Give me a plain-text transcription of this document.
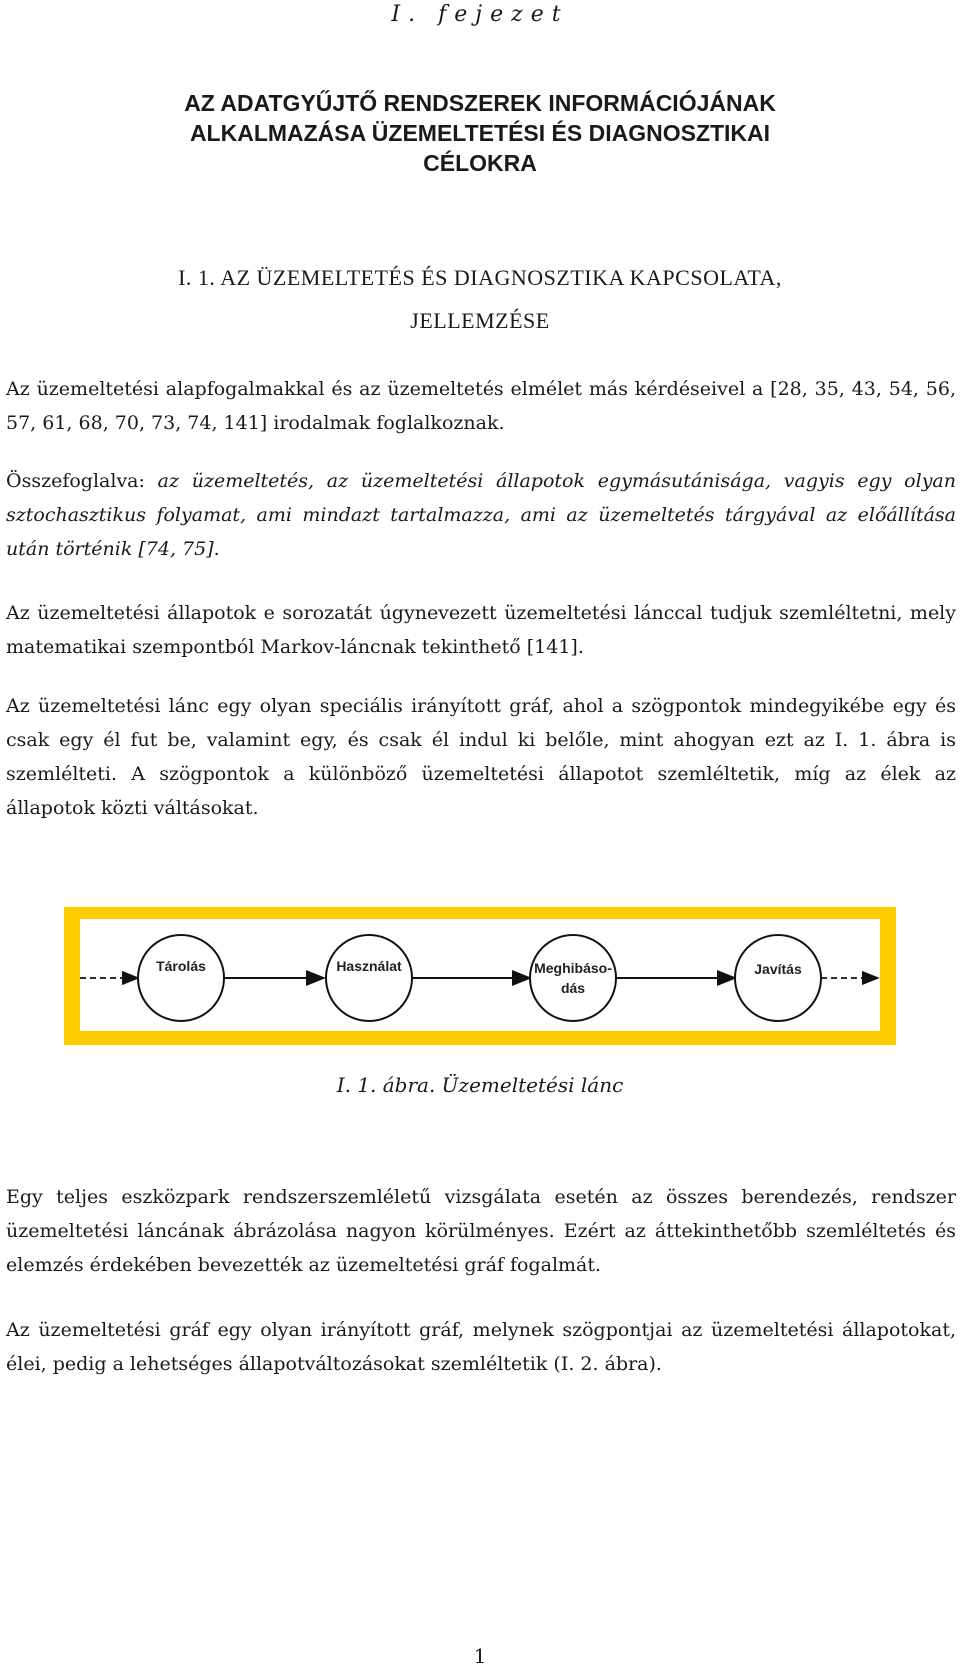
I. fejezet
AZ ADATGYŰJTŐ RENDSZEREK INFORMÁCIÓJÁNAK
ALKALMAZÁSA ÜZEMELTETÉSI ÉS DIAGNOSZTIKAI
CÉLOKRA
I. 1. AZ ÜZEMELTETÉS ÉS DIAGNOSZTIKA KAPCSOLATA,
JELLEMZÉSE

Az üzemeltetési alapfogalmakkal és az üzemeltetés elmélet más kérdéseivel a [28, 35, 43, 54, 56, 57, 61, 68, 70, 73, 74, 141] irodalmak foglalkoznak.

Összefoglalva: az üzemeltetés, az üzemeltetési állapotok egymásutánisága, vagyis egy olyan sztochasztikus folyamat, ami mindazt tartalmazza, ami az üzemeltetés tárgyával az előállítása után történik [74, 75].

Az üzemeltetési állapotok e sorozatát úgynevezett üzemeltetési lánccal tudjuk szemléltetni, mely matematikai szempontból Markov-láncnak tekinthető [141].

Az üzemeltetési lánc egy olyan speciális irányított gráf, ahol a szögpontok mindegyikébe egy és csak egy él fut be, valamint egy, és csak él indul ki belőle, mint ahogyan ezt az I. 1. ábra is szemlélteti. A szögpontok a különböző üzemeltetési állapotot szemléltetik, míg az élek az állapotok közti váltásokat.

Tárolás	Használat	Meghibáso-
dás
Javítás
I. 1. ábra. Üzemeltetési lánc

Egy teljes eszközpark rendszerszemléletű vizsgálata esetén az összes berendezés, rendszer üzemeltetési láncának ábrázolása nagyon körülményes. Ezért az áttekinthetőbb szemléltetés és elemzés érdekében bevezették az üzemeltetési gráf fogalmát.

Az üzemeltetési gráf egy olyan irányított gráf, melynek szögpontjai az üzemeltetési állapotokat, élei, pedig a lehetséges állapotváltozásokat szemléltetik (I. 2. ábra).

1
